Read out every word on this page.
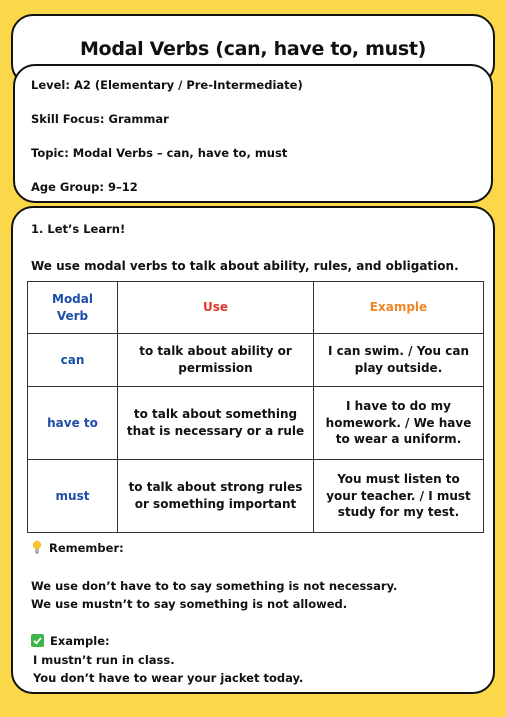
Modal Verbs (can, have to, must)
Level: A2 (Elementary / Pre-Intermediate)
Skill Focus: Grammar
Topic: Modal Verbs – can, have to, must
Age Group: 9–12
1. Let’s Learn!
We use modal verbs to talk about ability, rules, and obligation.
Modal Verb	Use	Example
can	to talk about ability or permission	I can swim. / You can play outside.
have to	to talk about something that is necessary or a rule	I have to do my homework. / We have to wear a uniform.
must	to talk about strong rules or something important	You must listen to your teacher. / I must study for my test.
Remember:
We use don’t have to to say something is not necessary.
We use mustn’t to say something is not allowed.
Example:
I mustn’t run in class.
You don’t have to wear your jacket today.
